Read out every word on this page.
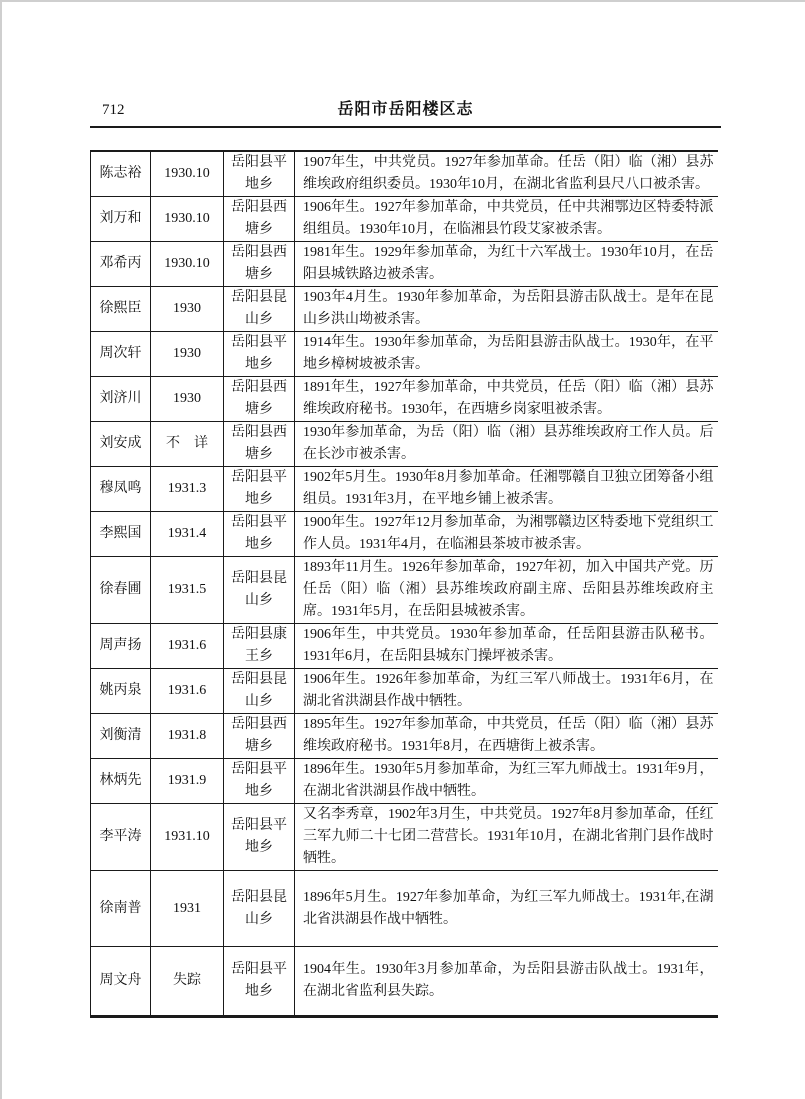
712	岳阳市岳阳楼区志
陈志裕	1930.10	岳阳县平地乡	1907年生，中共党员。1927年参加革命。任岳（阳）临（湘）县苏维埃政府组织委员。1930年10月，在湖北省监利县尺八口被杀害。
刘万和	1930.10	岳阳县西塘乡	1906年生。1927年参加革命，中共党员，任中共湘鄂边区特委特派组组员。1930年10月，在临湘县竹段艾家被杀害。
邓希丙	1930.10	岳阳县西塘乡	1981年生。1929年参加革命，为红十六军战士。1930年10月，在岳阳县城铁路边被杀害。
徐熙臣	1930	岳阳县昆山乡	1903年4月生。1930年参加革命，为岳阳县游击队战士。是年在昆山乡洪山坳被杀害。
周次轩	1930	岳阳县平地乡	1914年生。1930年参加革命，为岳阳县游击队战士。1930年，在平地乡樟树坡被杀害。
刘济川	1930	岳阳县西塘乡	1891年生，1927年参加革命，中共党员，任岳（阳）临（湘）县苏维埃政府秘书。1930年，在西塘乡岗家咀被杀害。
刘安成	不　详	岳阳县西塘乡	1930年参加革命，为岳（阳）临（湘）县苏维埃政府工作人员。后在长沙市被杀害。
穆凤鸣	1931.3	岳阳县平地乡	1902年5月生。1930年8月参加革命。任湘鄂赣自卫独立团筹备小组组员。1931年3月，在平地乡铺上被杀害。
李熙国	1931.4	岳阳县平地乡	1900年生。1927年12月参加革命，为湘鄂赣边区特委地下党组织工作人员。1931年4月，在临湘县茶坡市被杀害。
徐春圃	1931.5	岳阳县昆山乡	1893年11月生。1926年参加革命，1927年初，加入中国共产党。历任岳（阳）临（湘）县苏维埃政府副主席、岳阳县苏维埃政府主席。1931年5月，在岳阳县城被杀害。
周声扬	1931.6	岳阳县康王乡	1906年生，中共党员。1930年参加革命，任岳阳县游击队秘书。1931年6月，在岳阳县城东门操坪被杀害。
姚丙泉	1931.6	岳阳县昆山乡	1906年生。1926年参加革命，为红三军八师战士。1931年6月，在湖北省洪湖县作战中牺牲。
刘衡清	1931.8	岳阳县西塘乡	1895年生。1927年参加革命，中共党员，任岳（阳）临（湘）县苏维埃政府秘书。1931年8月，在西塘街上被杀害。
林炳先	1931.9	岳阳县平地乡	1896年生。1930年5月参加革命，为红三军九师战士。1931年9月，在湖北省洪湖县作战中牺牲。
李平涛	1931.10	岳阳县平地乡	又名李秀章，1902年3月生，中共党员。1927年8月参加革命，任红三军九师二十七团二营营长。1931年10月，在湖北省荆门县作战时牺牲。
徐南普	1931	岳阳县昆山乡	1896年5月生。1927年参加革命，为红三军九师战士。1931年,在湖北省洪湖县作战中牺牲。
周文舟	失踪	岳阳县平地乡	1904年生。1930年3月参加革命，为岳阳县游击队战士。1931年，在湖北省监利县失踪。
